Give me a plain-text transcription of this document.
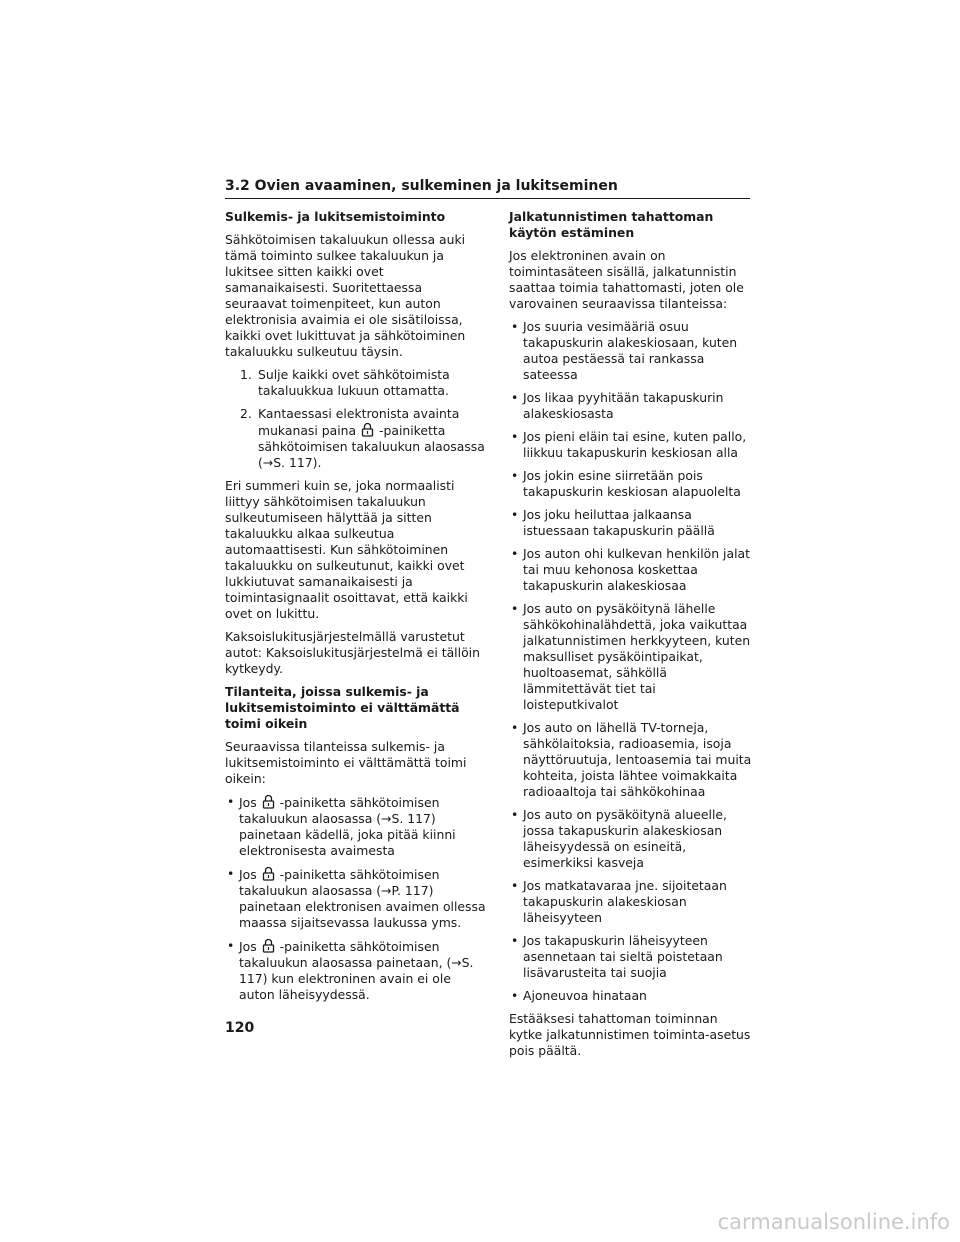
3.2 Ovien avaaminen, sulkeminen ja lukitseminen
Sulkemis- ja lukitsemistoiminto
Sähkötoimisen takaluukun ollessa auki tämä toiminto sulkee takaluukun ja lukitsee sitten kaikki ovet samanaikaisesti. Suoritettaessa seuraavat toimenpiteet, kun auton elektronisia avaimia ei ole sisätiloissa, kaikki ovet lukittuvat ja sähkötoiminen takaluukku sulkeutuu täysin.
1. Sulje kaikki ovet sähkötoimista takaluukkua lukuun ottamatta.
2. Kantaessasi elektronista avainta mukanasi paina -painiketta sähkötoimisen takaluukun alaosassa (→S. 117).
Eri summeri kuin se, joka normaalisti liittyy sähkötoimisen takaluukun sulkeutumiseen hälyttää ja sitten takaluukku alkaa sulkeutua automaattisesti. Kun sähkötoiminen takaluukku on sulkeutunut, kaikki ovet lukkiutuvat samanaikaisesti ja toimintasignaalit osoittavat, että kaikki ovet on lukittu.
Kaksoislukitusjärjestelmällä varustetut autot: Kaksoislukitusjärjestelmä ei tällöin kytkeydy.
Tilanteita, joissa sulkemis- ja lukitsemistoiminto ei välttämättä toimi oikein
Seuraavissa tilanteissa sulkemis- ja lukitsemistoiminto ei välttämättä toimi oikein:
• Jos -painiketta sähkötoimisen takaluukun alaosassa (→S. 117) painetaan kädellä, joka pitää kiinni elektronisesta avaimesta
• Jos -painiketta sähkötoimisen takaluukun alaosassa (→P. 117) painetaan elektronisen avaimen ollessa maassa sijaitsevassa laukussa yms.
• Jos -painiketta sähkötoimisen takaluukun alaosassa painetaan, (→S. 117) kun elektroninen avain ei ole auton läheisyydessä.
Jalkatunnistimen tahattoman käytön estäminen
Jos elektroninen avain on toimintasäteen sisällä, jalkatunnistin saattaa toimia tahattomasti, joten ole varovainen seuraavissa tilanteissa:
• Jos suuria vesimääriä osuu takapuskurin alakeskiosaan, kuten autoa pestäessä tai rankassa sateessa
• Jos likaa pyyhitään takapuskurin alakeskiosasta
• Jos pieni eläin tai esine, kuten pallo, liikkuu takapuskurin keskiosan alla
• Jos jokin esine siirretään pois takapuskurin keskiosan alapuolelta
• Jos joku heiluttaa jalkaansa istuessaan takapuskurin päällä
• Jos auton ohi kulkevan henkilön jalat tai muu kehonosa koskettaa takapuskurin alakeskiosaa
• Jos auto on pysäköitynä lähelle sähkökohinalähdettä, joka vaikuttaa jalkatunnistimen herkkyyteen, kuten maksulliset pysäköintipaikat, huoltoasemat, sähköllä lämmitettävät tiet tai loisteputkivalot
• Jos auto on lähellä TV-torneja, sähkölaitoksia, radioasemia, isoja näyttöruutuja, lentoasemia tai muita kohteita, joista lähtee voimakkaita radioaaltoja tai sähkökohinaa
• Jos auto on pysäköitynä alueelle, jossa takapuskurin alakeskiosan läheisyydessä on esineitä, esimerkiksi kasveja
• Jos matkatavaraa jne. sijoitetaan takapuskurin alakeskiosan läheisyyteen
• Jos takapuskurin läheisyyteen asennetaan tai sieltä poistetaan lisävarusteita tai suojia
• Ajoneuvoa hinataan
Estääksesi tahattoman toiminnan kytke jalkatunnistimen toiminta-asetus pois päältä.
120
carmanualsonline.info
